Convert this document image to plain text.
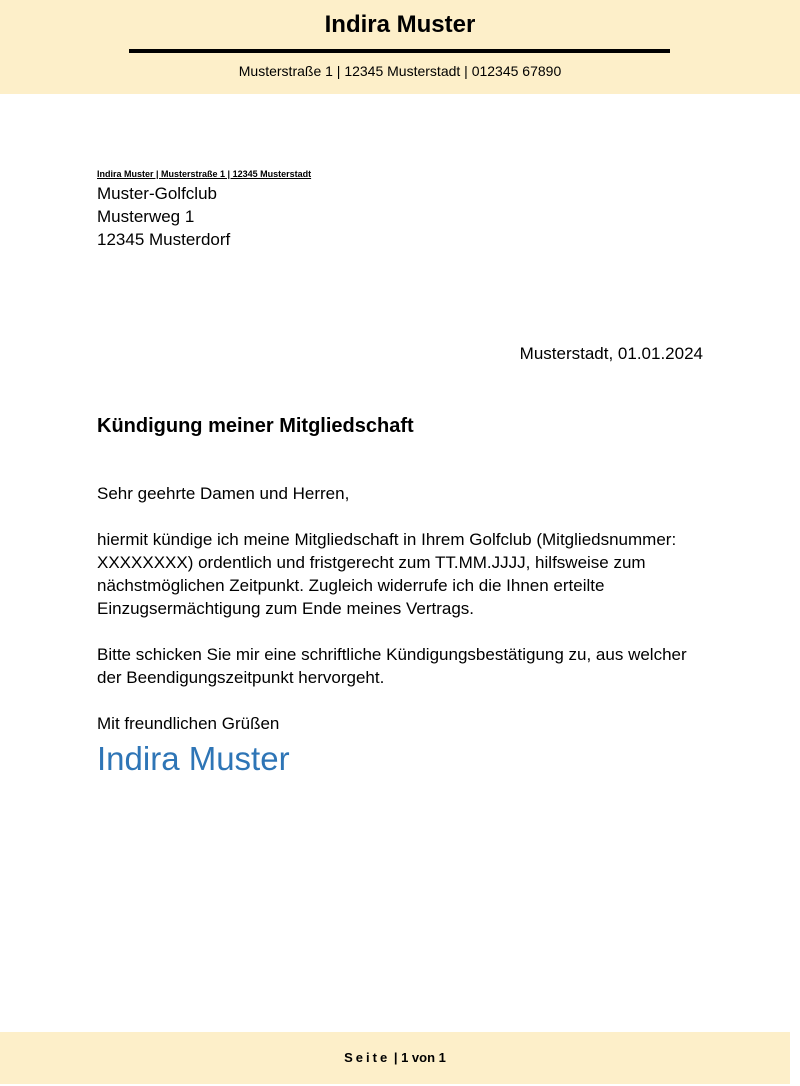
Indira Muster
Musterstraße 1 | 12345 Musterstadt | 012345 67890
Indira Muster | Musterstraße 1 | 12345 Musterstadt
Muster-Golfclub
Musterweg 1
12345 Musterdorf
Musterstadt, 01.01.2024
Kündigung meiner Mitgliedschaft

Sehr geehrte Damen und Herren,

hiermit kündige ich meine Mitgliedschaft in Ihrem Golfclub (Mitgliedsnummer: XXXXXXXX) ordentlich und fristgerecht zum TT.MM.JJJJ, hilfsweise zum nächstmöglichen Zeitpunkt. Zugleich widerrufe ich die Ihnen erteilte Einzugsermächtigung zum Ende meines Vertrags.

Bitte schicken Sie mir eine schriftliche Kündigungsbestätigung zu, aus welcher der Beendigungszeitpunkt hervorgeht.

Mit freundlichen Grüßen

Indira Muster
Seite | 1 von 1
